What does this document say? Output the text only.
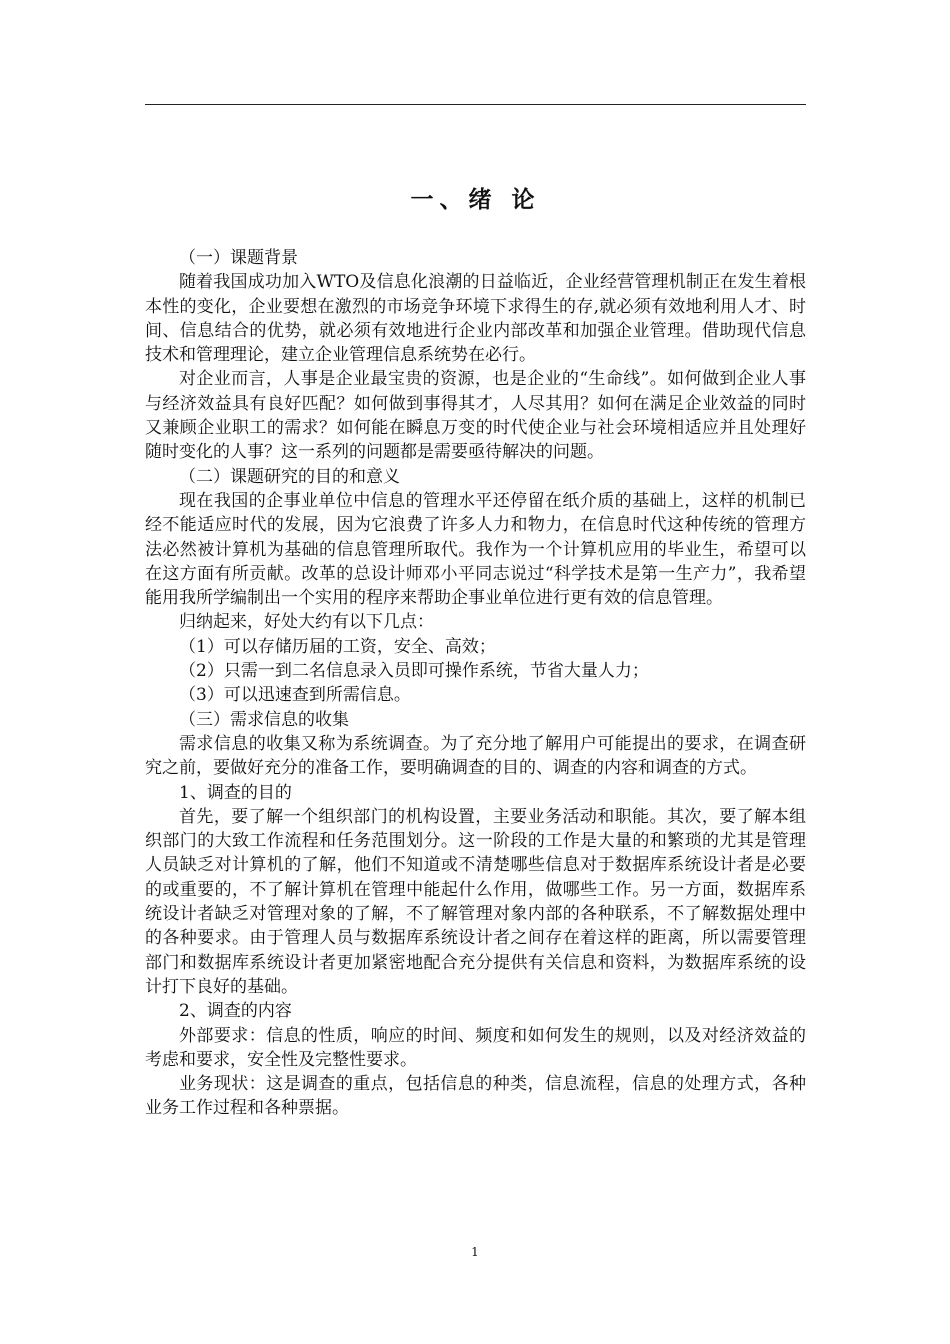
一、绪 论

（一）课题背景

随着我国成功加入WTO及信息化浪潮的日益临近，企业经营管理机制正在发生着根本性的变化，企业要想在激烈的市场竞争环境下求得生的存,就必须有效地利用人才、时间、信息结合的优势，就必须有效地进行企业内部改革和加强企业管理。借助现代信息技术和管理理论，建立企业管理信息系统势在必行。

对企业而言，人事是企业最宝贵的资源，也是企业的“生命线”。如何做到企业人事与经济效益具有良好匹配？如何做到事得其才，人尽其用？如何在满足企业效益的同时又兼顾企业职工的需求？如何能在瞬息万变的时代使企业与社会环境相适应并且处理好随时变化的人事？这一系列的问题都是需要亟待解决的问题。

（二）课题研究的目的和意义

现在我国的企事业单位中信息的管理水平还停留在纸介质的基础上，这样的机制已经不能适应时代的发展，因为它浪费了许多人力和物力，在信息时代这种传统的管理方法必然被计算机为基础的信息管理所取代。我作为一个计算机应用的毕业生，希望可以在这方面有所贡献。改革的总设计师邓小平同志说过“科学技术是第一生产力”，我希望能用我所学编制出一个实用的程序来帮助企事业单位进行更有效的信息管理。

归纳起来，好处大约有以下几点：

（1）可以存储历届的工资，安全、高效；

（2）只需一到二名信息录入员即可操作系统，节省大量人力；

（3）可以迅速查到所需信息。

（三）需求信息的收集

需求信息的收集又称为系统调查。为了充分地了解用户可能提出的要求，在调查研究之前，要做好充分的准备工作，要明确调查的目的、调查的内容和调查的方式。

1、调查的目的

首先，要了解一个组织部门的机构设置，主要业务活动和职能。其次，要了解本组织部门的大致工作流程和任务范围划分。这一阶段的工作是大量的和繁琐的尤其是管理人员缺乏对计算机的了解，他们不知道或不清楚哪些信息对于数据库系统设计者是必要的或重要的，不了解计算机在管理中能起什么作用，做哪些工作。另一方面，数据库系统设计者缺乏对管理对象的了解，不了解管理对象内部的各种联系，不了解数据处理中的各种要求。由于管理人员与数据库系统设计者之间存在着这样的距离，所以需要管理部门和数据库系统设计者更加紧密地配合充分提供有关信息和资料，为数据库系统的设计打下良好的基础。

2、调查的内容

外部要求：信息的性质，响应的时间、频度和如何发生的规则，以及对经济效益的考虑和要求，安全性及完整性要求。

业务现状：这是调查的重点，包括信息的种类，信息流程，信息的处理方式，各种业务工作过程和各种票据。

1
